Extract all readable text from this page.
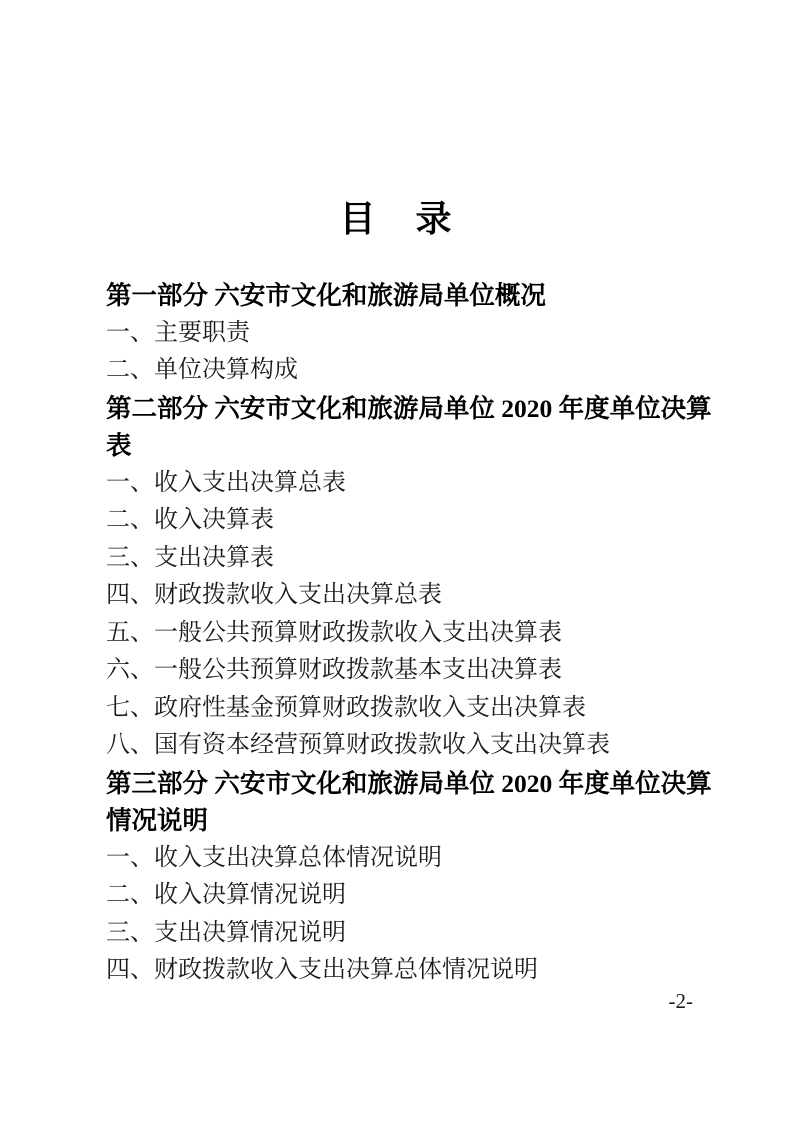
目　录
第一部分 六安市文化和旅游局单位概况
一、主要职责
二、单位决算构成
第二部分 六安市文化和旅游局单位 2020 年度单位决算
表
一、收入支出决算总表
二、收入决算表
三、支出决算表
四、财政拨款收入支出决算总表
五、一般公共预算财政拨款收入支出决算表
六、一般公共预算财政拨款基本支出决算表
七、政府性基金预算财政拨款收入支出决算表
八、国有资本经营预算财政拨款收入支出决算表
第三部分 六安市文化和旅游局单位 2020 年度单位决算
情况说明
一、收入支出决算总体情况说明
二、收入决算情况说明
三、支出决算情况说明
四、财政拨款收入支出决算总体情况说明
-2-
